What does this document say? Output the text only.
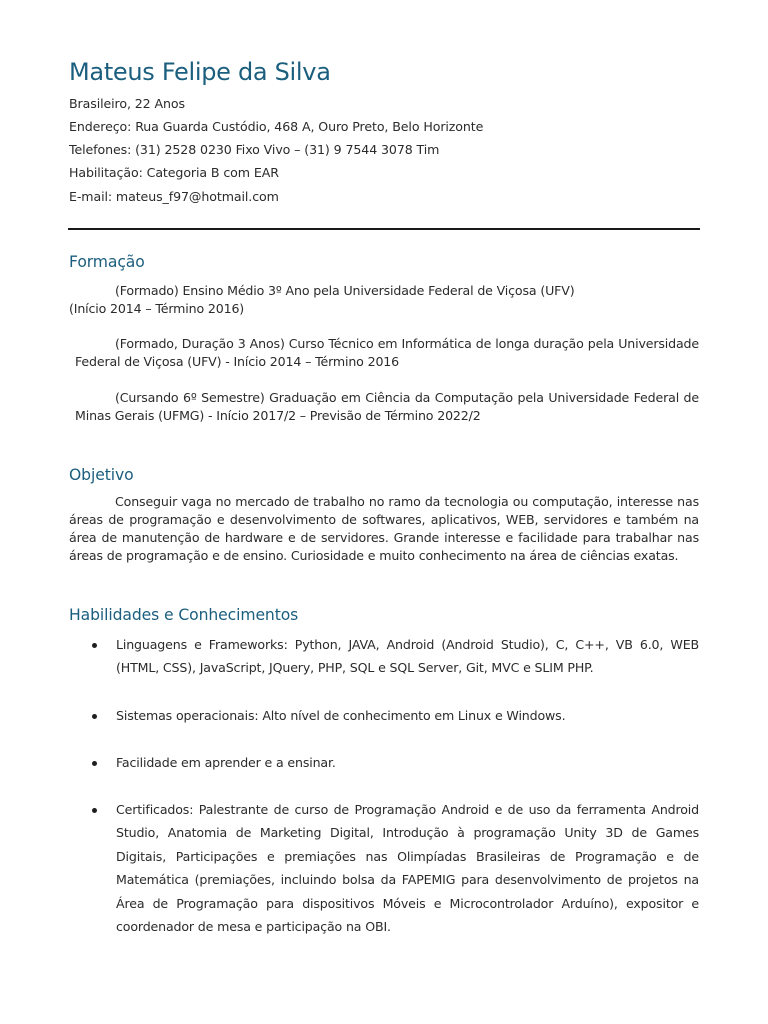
Mateus Felipe da Silva
Brasileiro, 22 Anos
Endereço: Rua Guarda Custódio, 468 A, Ouro Preto, Belo Horizonte
Telefones: (31) 2528 0230 Fixo Vivo – (31) 9 7544 3078 Tim
Habilitação: Categoria B com EAR
E-mail: mateus_f97@hotmail.com
Formação
(Formado) Ensino Médio 3º Ano pela Universidade Federal de Viçosa (UFV)
(Início 2014 – Término 2016)
(Formado, Duração 3 Anos) Curso Técnico em Informática de longa duração pela Universidade Federal de Viçosa (UFV) - Início 2014 – Término 2016
(Cursando 6º Semestre) Graduação em Ciência da Computação pela Universidade Federal de Minas Gerais (UFMG) - Início 2017/2 – Previsão de Término 2022/2
Objetivo
Conseguir vaga no mercado de trabalho no ramo da tecnologia ou computação, interesse nas áreas de programação e desenvolvimento de softwares, aplicativos, WEB, servidores e também na área de manutenção de hardware e de servidores. Grande interesse e facilidade para trabalhar nas áreas de programação e de ensino. Curiosidade e muito conhecimento na área de ciências exatas.
Habilidades e Conhecimentos
Linguagens e Frameworks: Python, JAVA, Android (Android Studio), C, C++, VB 6.0, WEB (HTML, CSS), JavaScript, JQuery, PHP, SQL e SQL Server, Git, MVC e SLIM PHP.
Sistemas operacionais: Alto nível de conhecimento em Linux e Windows.
Facilidade em aprender e a ensinar.
Certificados: Palestrante de curso de Programação Android e de uso da ferramenta Android Studio, Anatomia de Marketing Digital, Introdução à programação Unity 3D de Games Digitais, Participações e premiações nas Olimpíadas Brasileiras de Programação e de Matemática (premiações, incluindo bolsa da FAPEMIG para desenvolvimento de projetos na Área de Programação para dispositivos Móveis e Microcontrolador Arduíno), expositor e coordenador de mesa e participação na OBI.
